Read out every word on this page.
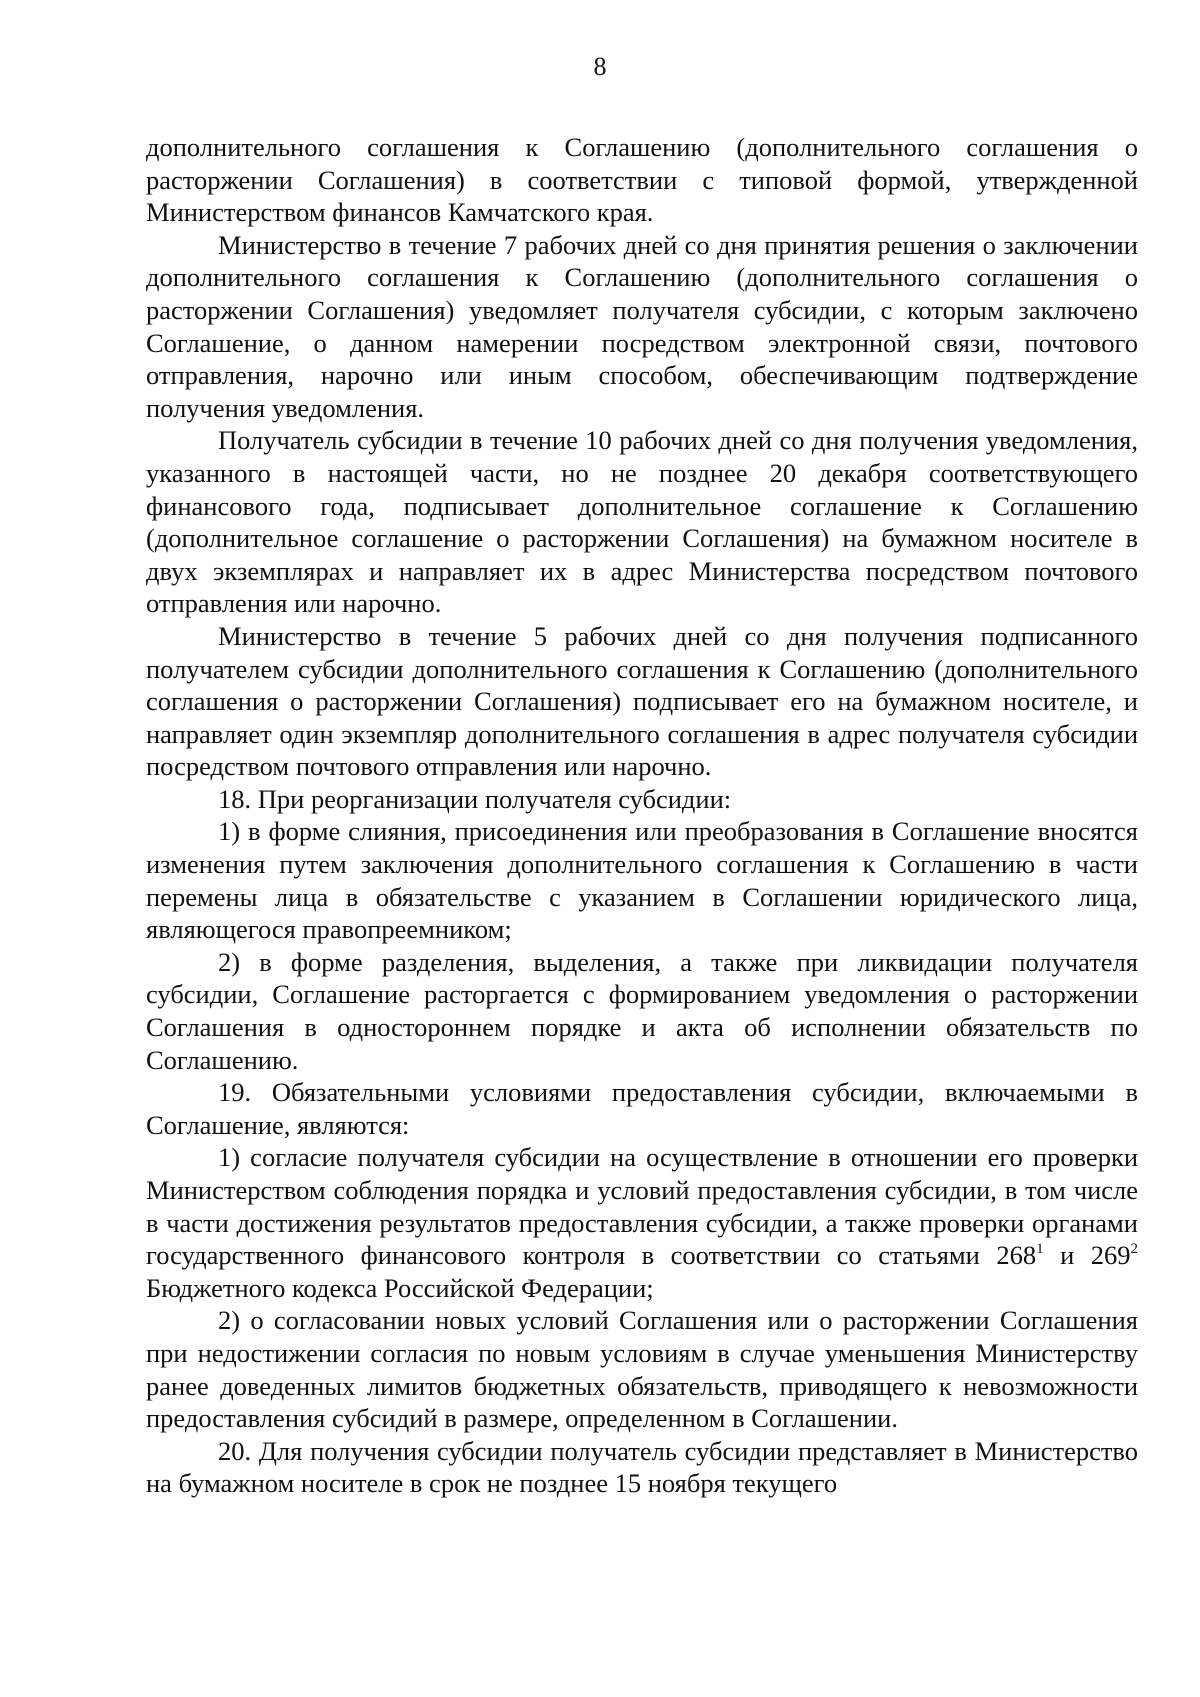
8

дополнительного соглашения к Соглашению (дополнительного соглашения о расторжении Соглашения) в соответствии с типовой формой, утвержденной Министерством финансов Камчатского края.

Министерство в течение 7 рабочих дней со дня принятия решения о заключении дополнительного соглашения к Соглашению (дополнительного соглашения о расторжении Соглашения) уведомляет получателя субсидии, с которым заключено Соглашение, о данном намерении посредством электронной связи, почтового отправления, нарочно или иным способом, обеспечивающим подтверждение получения уведомления.

Получатель субсидии в течение 10 рабочих дней со дня получения уведомления, указанного в настоящей части, но не позднее 20 декабря соответствующего финансового года, подписывает дополнительное соглашение к Соглашению (дополнительное соглашение о расторжении Соглашения) на бумажном носителе в двух экземплярах и направляет их в адрес Министерства посредством почтового отправления или нарочно.

Министерство в течение 5 рабочих дней со дня получения подписанного получателем субсидии дополнительного соглашения к Соглашению (дополнительного соглашения о расторжении Соглашения) подписывает его на бумажном носителе, и направляет один экземпляр дополнительного соглашения в адрес получателя субсидии посредством почтового отправления или нарочно.

18. При реорганизации получателя субсидии:

1) в форме слияния, присоединения или преобразования в Соглашение вносятся изменения путем заключения дополнительного соглашения к Соглашению в части перемены лица в обязательстве с указанием в Соглашении юридического лица, являющегося правопреемником;

2) в форме разделения, выделения, а также при ликвидации получателя субсидии, Соглашение расторгается с формированием уведомления о расторжении Соглашения в одностороннем порядке и акта об исполнении обязательств по Соглашению.

19. Обязательными условиями предоставления субсидии, включаемыми в Соглашение, являются:

1) согласие получателя субсидии на осуществление в отношении его проверки Министерством соблюдения порядка и условий предоставления субсидии, в том числе в части достижения результатов предоставления субсидии, а также проверки органами государственного финансового контроля в соответствии со статьями $268^1$ и $269^2$ Бюджетного кодекса Российской Федерации;

2) о согласовании новых условий Соглашения или о расторжении Соглашения при недостижении согласия по новым условиям в случае уменьшения Министерству ранее доведенных лимитов бюджетных обязательств, приводящего к невозможности предоставления субсидий в размере, определенном в Соглашении.

20. Для получения субсидии получатель субсидии представляет в Министерство на бумажном носителе в срок не позднее 15 ноября текущего
